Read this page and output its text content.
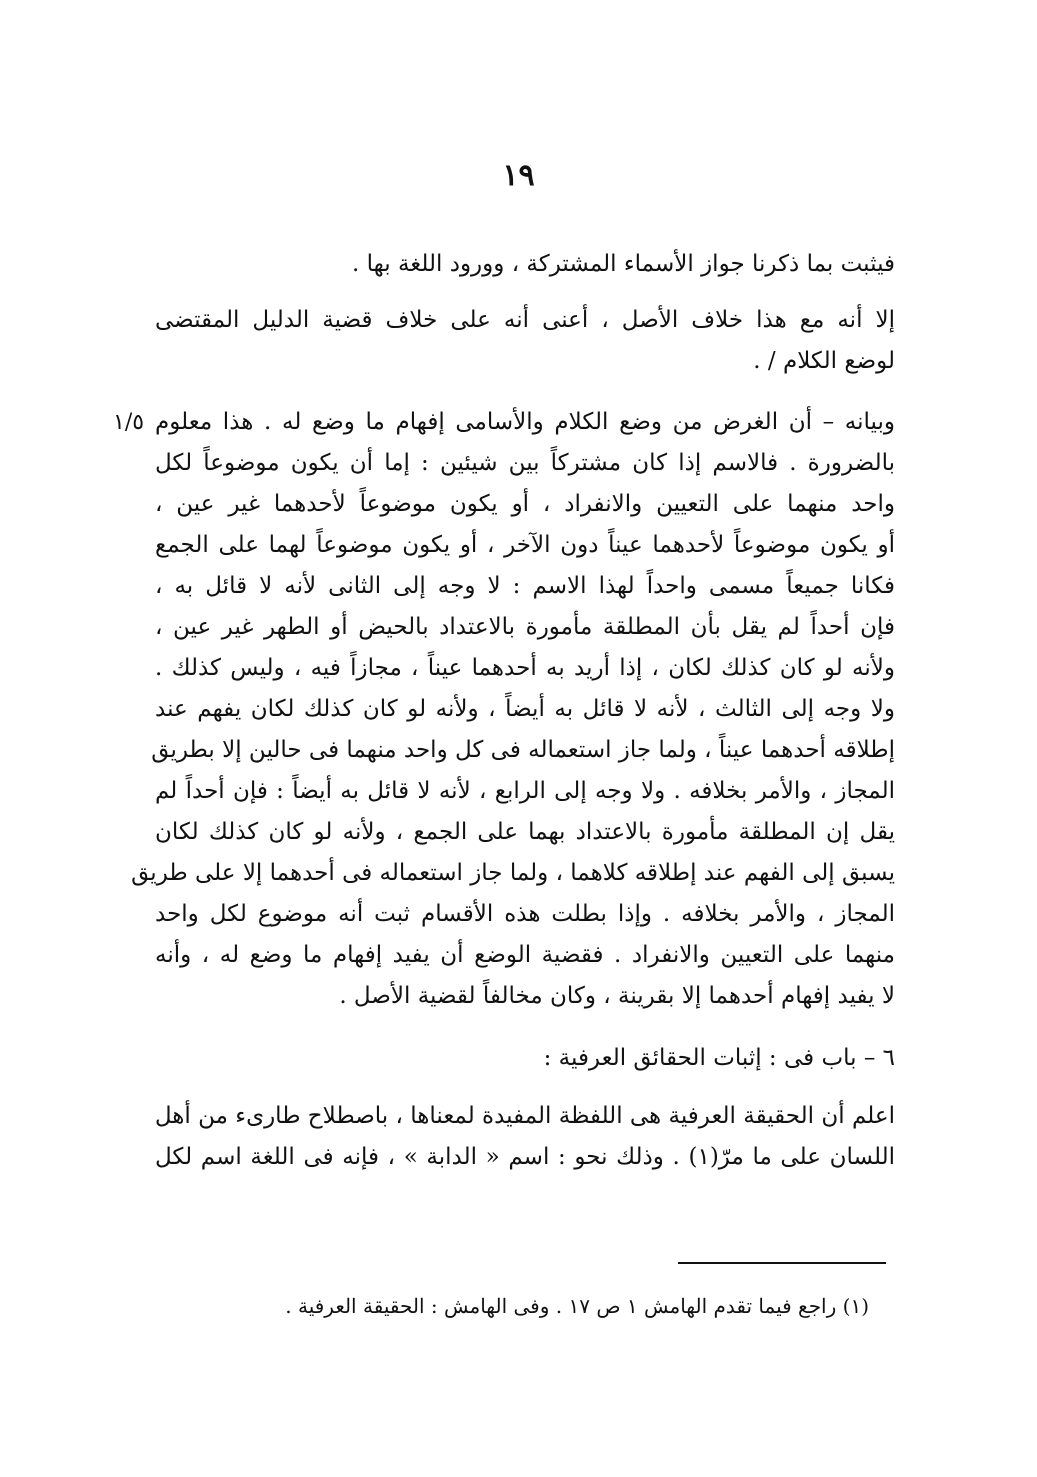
١٩
فيثبت بما ذكرنا جواز الأسماء المشتركة ، وورود اللغة بها .
إلا أنه مع هذا خلاف الأصل ، أعنى أنه على خلاف قضية الدليل المقتضى
لوضع الكلام / .
١/٥ وبيانه – أن الغرض من وضع الكلام والأسامى إفهام ما وضع له . هذا معلوم
بالضرورة . فالاسم إذا كان مشتركاً بين شيئين : إما أن يكون موضوعاً لكل
واحد منهما على التعيين والانفراد ، أو يكون موضوعاً لأحدهما غير عين ،
أو يكون موضوعاً لأحدهما عيناً دون الآخر ، أو يكون موضوعاً لهما على الجمع
فكانا جميعاً مسمى واحداً لهذا الاسم : لا وجه إلى الثانى لأنه لا قائل به ،
فإن أحداً لم يقل بأن المطلقة مأمورة بالاعتداد بالحيض أو الطهر غير عين ،
ولأنه لو كان كذلك لكان ، إذا أريد به أحدهما عيناً ، مجازاً فيه ، وليس كذلك .
ولا وجه إلى الثالث ، لأنه لا قائل به أيضاً ، ولأنه لو كان كذلك لكان يفهم عند
إطلاقه أحدهما عيناً ، ولما جاز استعماله فى كل واحد منهما فى حالين إلا بطريق
المجاز ، والأمر بخلافه . ولا وجه إلى الرابع ، لأنه لا قائل به أيضاً : فإن أحداً لم
يقل إن المطلقة مأمورة بالاعتداد بهما على الجمع ، ولأنه لو كان كذلك لكان
يسبق إلى الفهم عند إطلاقه كلاهما ، ولما جاز استعماله فى أحدهما إلا على طريق
المجاز ، والأمر بخلافه . وإذا بطلت هذه الأقسام ثبت أنه موضوع لكل واحد
منهما على التعيين والانفراد . فقضية الوضع أن يفيد إفهام ما وضع له ، وأنه
لا يفيد إفهام أحدهما إلا بقرينة ، وكان مخالفاً لقضية الأصل .
٦ – باب فى : إثبات الحقائق العرفية :
اعلم أن الحقيقة العرفية هى اللفظة المفيدة لمعناها ، باصطلاح طارىء من أهل
اللسان على ما مرّ(١) . وذلك نحو : اسم « الدابة » ، فإنه فى اللغة اسم لكل
(١) راجع فيما تقدم الهامش ١ ص ١٧ . وفى الهامش : الحقيقة العرفية .
